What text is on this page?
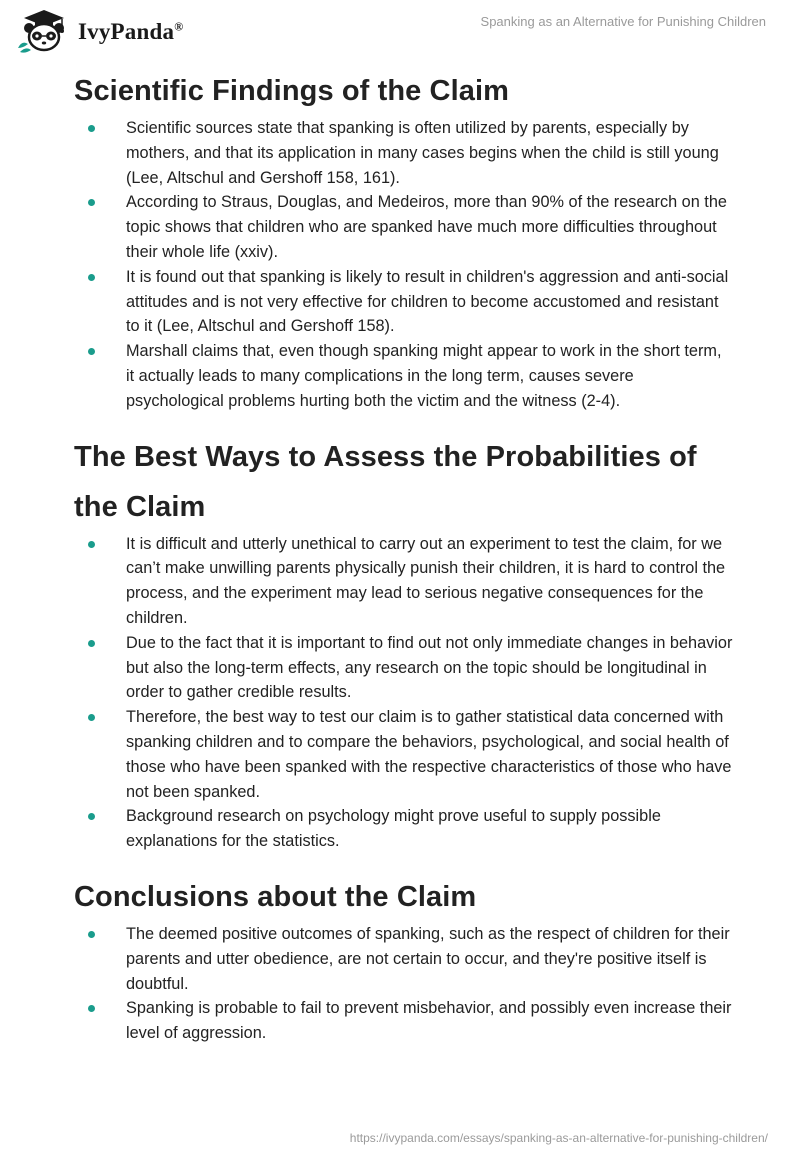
IvyPanda®	Spanking as an Alternative for Punishing Children
Scientific Findings of the Claim
Scientific sources state that spanking is often utilized by parents, especially by mothers, and that its application in many cases begins when the child is still young (Lee, Altschul and Gershoff 158, 161).
According to Straus, Douglas, and Medeiros, more than 90% of the research on the topic shows that children who are spanked have much more difficulties throughout their whole life (xxiv).
It is found out that spanking is likely to result in children's aggression and anti-social attitudes and is not very effective for children to become accustomed and resistant to it (Lee, Altschul and Gershoff 158).
Marshall claims that, even though spanking might appear to work in the short term, it actually leads to many complications in the long term, causes severe psychological problems hurting both the victim and the witness (2-4).
The Best Ways to Assess the Probabilities of the Claim
It is difficult and utterly unethical to carry out an experiment to test the claim, for we can’t make unwilling parents physically punish their children, it is hard to control the process, and the experiment may lead to serious negative consequences for the children.
Due to the fact that it is important to find out not only immediate changes in behavior but also the long-term effects, any research on the topic should be longitudinal in order to gather credible results.
Therefore, the best way to test our claim is to gather statistical data concerned with spanking children and to compare the behaviors, psychological, and social health of those who have been spanked with the respective characteristics of those who have not been spanked.
Background research on psychology might prove useful to supply possible explanations for the statistics.
Conclusions about the Claim
The deemed positive outcomes of spanking, such as the respect of children for their parents and utter obedience, are not certain to occur, and they're positive itself is doubtful.
Spanking is probable to fail to prevent misbehavior, and possibly even increase their level of aggression.
https://ivypanda.com/essays/spanking-as-an-alternative-for-punishing-children/
